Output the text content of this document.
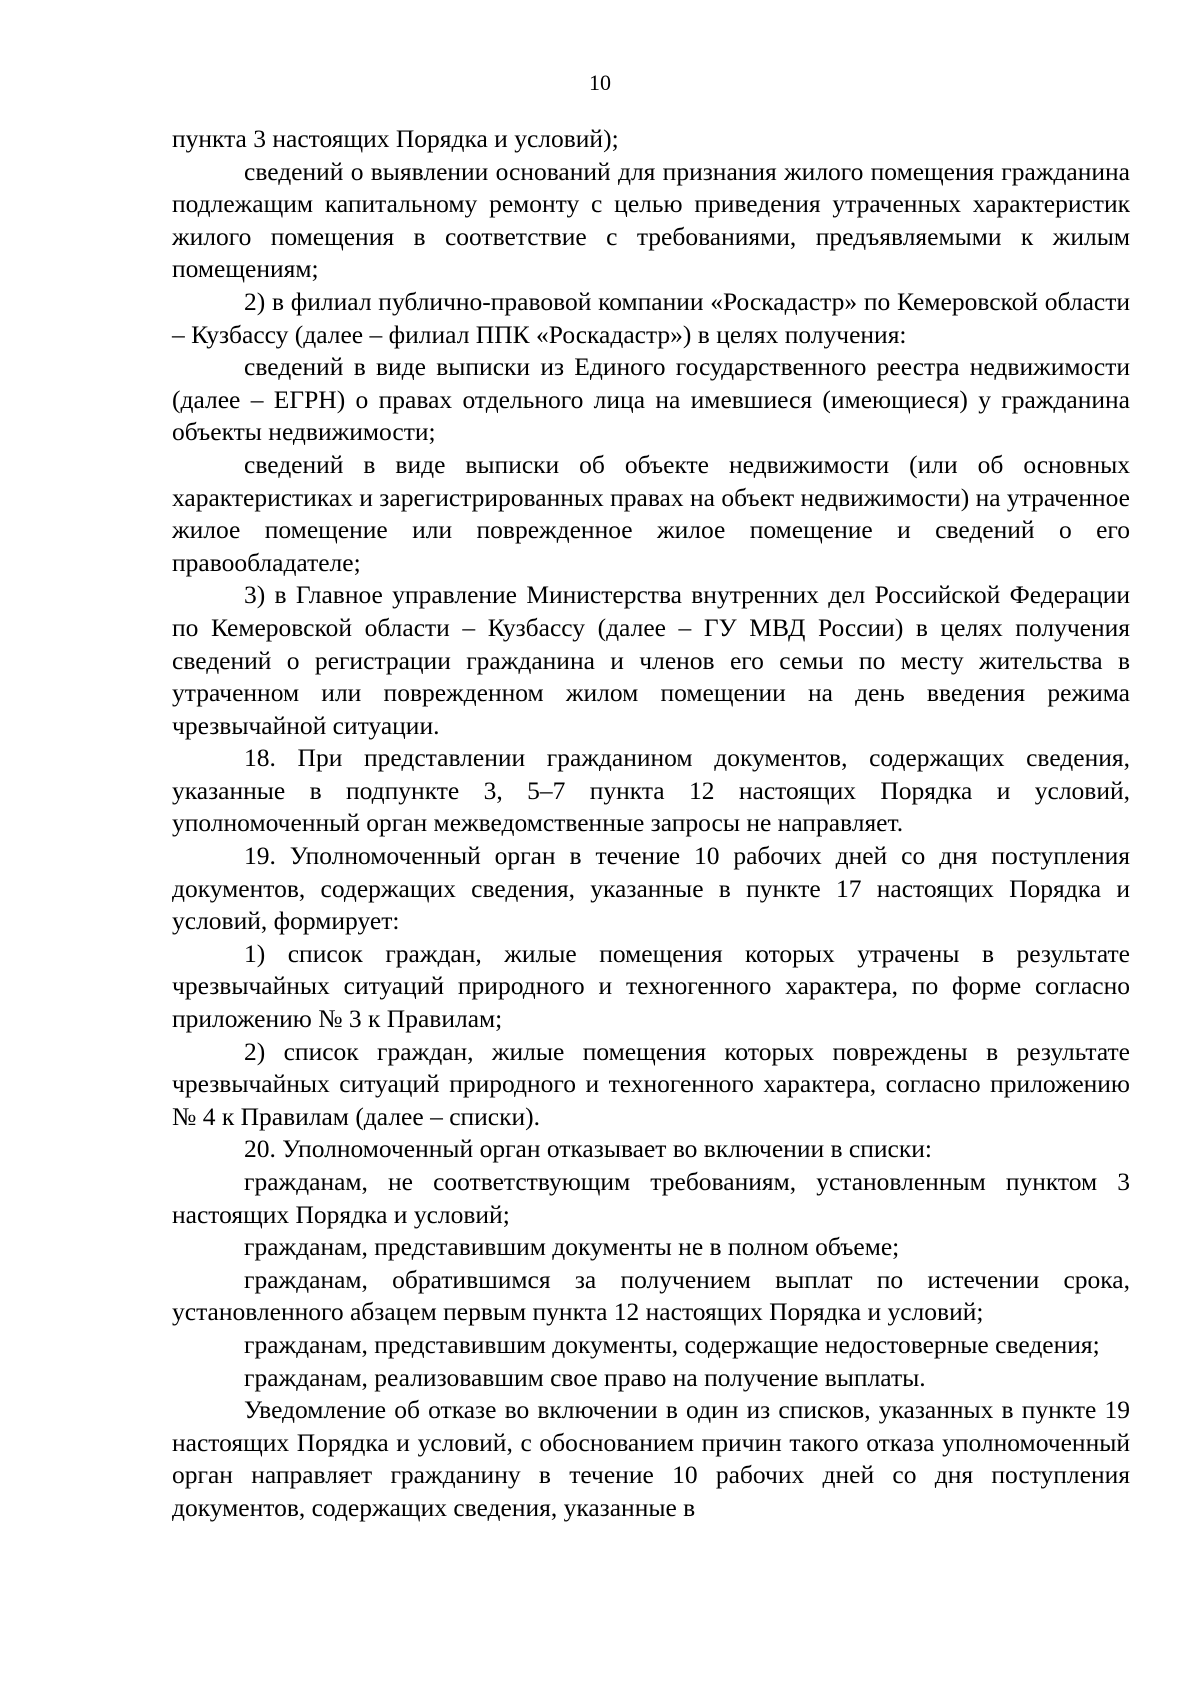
10

пункта 3 настоящих Порядка и условий);

сведений о выявлении оснований для признания жилого помещения гражданина подлежащим капитальному ремонту с целью приведения утраченных характеристик жилого помещения в соответствие с требованиями, предъявляемыми к жилым помещениям;

2) в филиал публично-правовой компании «Роскадастр» по Кемеровской области – Кузбассу (далее – филиал ППК «Роскадастр») в целях получения:

сведений в виде выписки из Единого государственного реестра недвижимости (далее – ЕГРН) о правах отдельного лица на имевшиеся (имеющиеся) у гражданина объекты недвижимости;

сведений в виде выписки об объекте недвижимости (или об основных характеристиках и зарегистрированных правах на объект недвижимости) на утраченное жилое помещение или поврежденное жилое помещение и сведений о его правообладателе;

3) в Главное управление Министерства внутренних дел Российской Федерации по Кемеровской области – Кузбассу (далее – ГУ МВД России) в целях получения сведений о регистрации гражданина и членов его семьи по месту жительства в утраченном или поврежденном жилом помещении на день введения режима чрезвычайной ситуации.

18. При представлении гражданином документов, содержащих сведения, указанные в подпункте 3, 5–7 пункта 12 настоящих Порядка и условий, уполномоченный орган межведомственные запросы не направляет.

19. Уполномоченный орган в течение 10 рабочих дней со дня поступления документов, содержащих сведения, указанные в пункте 17 настоящих Порядка и условий, формирует:

1) список граждан, жилые помещения которых утрачены в результате чрезвычайных ситуаций природного и техногенного характера, по форме согласно приложению № 3 к Правилам;

2) список граждан, жилые помещения которых повреждены в результате чрезвычайных ситуаций природного и техногенного характера, согласно приложению № 4 к Правилам (далее – списки).

20. Уполномоченный орган отказывает во включении в списки:

гражданам, не соответствующим требованиям, установленным пунктом 3 настоящих Порядка и условий;

гражданам, представившим документы не в полном объеме;

гражданам, обратившимся за получением выплат по истечении срока, установленного абзацем первым пункта 12 настоящих Порядка и условий;

гражданам, представившим документы, содержащие недостоверные сведения;

гражданам, реализовавшим свое право на получение выплаты.

Уведомление об отказе во включении в один из списков, указанных в пункте 19 настоящих Порядка и условий, с обоснованием причин такого отказа уполномоченный орган направляет гражданину в течение 10 рабочих дней со дня поступления документов, содержащих сведения, указанные в
